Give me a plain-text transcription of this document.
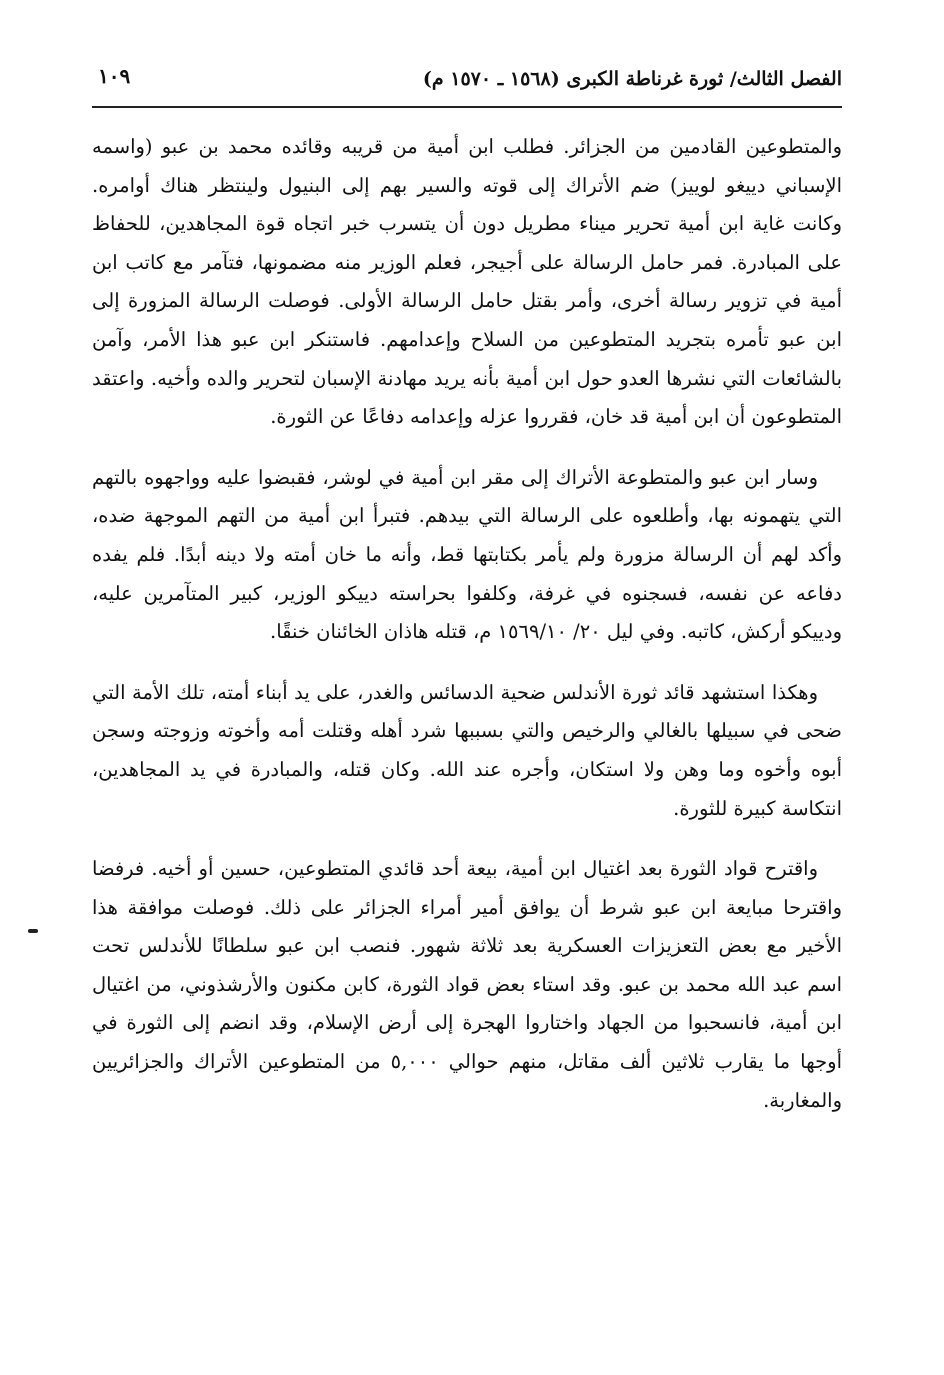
الفصل الثالث/ ثورة غرناطة الكبرى (١٥٦٨ ـ ١٥٧٠ م)
١٠٩

والمتطوعين القادمين من الجزائر. فطلب ابن أمية من قريبه وقائده محمد بن عبو (واسمه الإسباني دييغو لوييز) ضم الأتراك إلى قوته والسير بهم إلى البنيول ولينتظر هناك أوامره. وكانت غاية ابن أمية تحرير ميناء مطريل دون أن يتسرب خبر اتجاه قوة المجاهدين، للحفاظ على المبادرة. فمر حامل الرسالة على أجيجر، فعلم الوزير منه مضمونها، فتآمر مع كاتب ابن أمية في تزوير رسالة أخرى، وأمر بقتل حامل الرسالة الأولى. فوصلت الرسالة المزورة إلى ابن عبو تأمره بتجريد المتطوعين من السلاح وإعدامهم. فاستنكر ابن عبو هذا الأمر، وآمن بالشائعات التي نشرها العدو حول ابن أمية بأنه يريد مهادنة الإسبان لتحرير والده وأخيه. واعتقد المتطوعون أن ابن أمية قد خان، فقرروا عزله وإعدامه دفاعًا عن الثورة.

وسار ابن عبو والمتطوعة الأتراك إلى مقر ابن أمية في لوشر، فقبضوا عليه وواجهوه بالتهم التي يتهمونه بها، وأطلعوه على الرسالة التي بيدهم. فتبرأ ابن أمية من التهم الموجهة ضده، وأكد لهم أن الرسالة مزورة ولم يأمر بكتابتها قط، وأنه ما خان أمته ولا دينه أبدًا. فلم يفده دفاعه عن نفسه، فسجنوه في غرفة، وكلفوا بحراسته دييكو الوزير، كبير المتآمرين عليه، ودييكو أركش، كاتبه. وفي ليل ٢٠/ ١٥٦٩/١٠ م، قتله هاذان الخائنان خنقًا.

وهكذا استشهد قائد ثورة الأندلس ضحية الدسائس والغدر، على يد أبناء أمته، تلك الأمة التي ضحى في سبيلها بالغالي والرخيص والتي بسببها شرد أهله وقتلت أمه وأخوته وزوجته وسجن أبوه وأخوه وما وهن ولا استكان، وأجره عند الله. وكان قتله، والمبادرة في يد المجاهدين، انتكاسة كبيرة للثورة.

واقترح قواد الثورة بعد اغتيال ابن أمية، بيعة أحد قائدي المتطوعين، حسين أو أخيه. فرفضا واقترحا مبايعة ابن عبو شرط أن يوافق أمير أمراء الجزائر على ذلك. فوصلت موافقة هذا الأخير مع بعض التعزيزات العسكرية بعد ثلاثة شهور. فنصب ابن عبو سلطانًا للأندلس تحت اسم عبد الله محمد بن عبو. وقد استاء بعض قواد الثورة، كابن مكنون والأرشذوني، من اغتيال ابن أمية، فانسحبوا من الجهاد واختاروا الهجرة إلى أرض الإسلام، وقد انضم إلى الثورة في أوجها ما يقارب ثلاثين ألف مقاتل، منهم حوالي ٥,٠٠٠ من المتطوعين الأتراك والجزائريين والمغاربة.
